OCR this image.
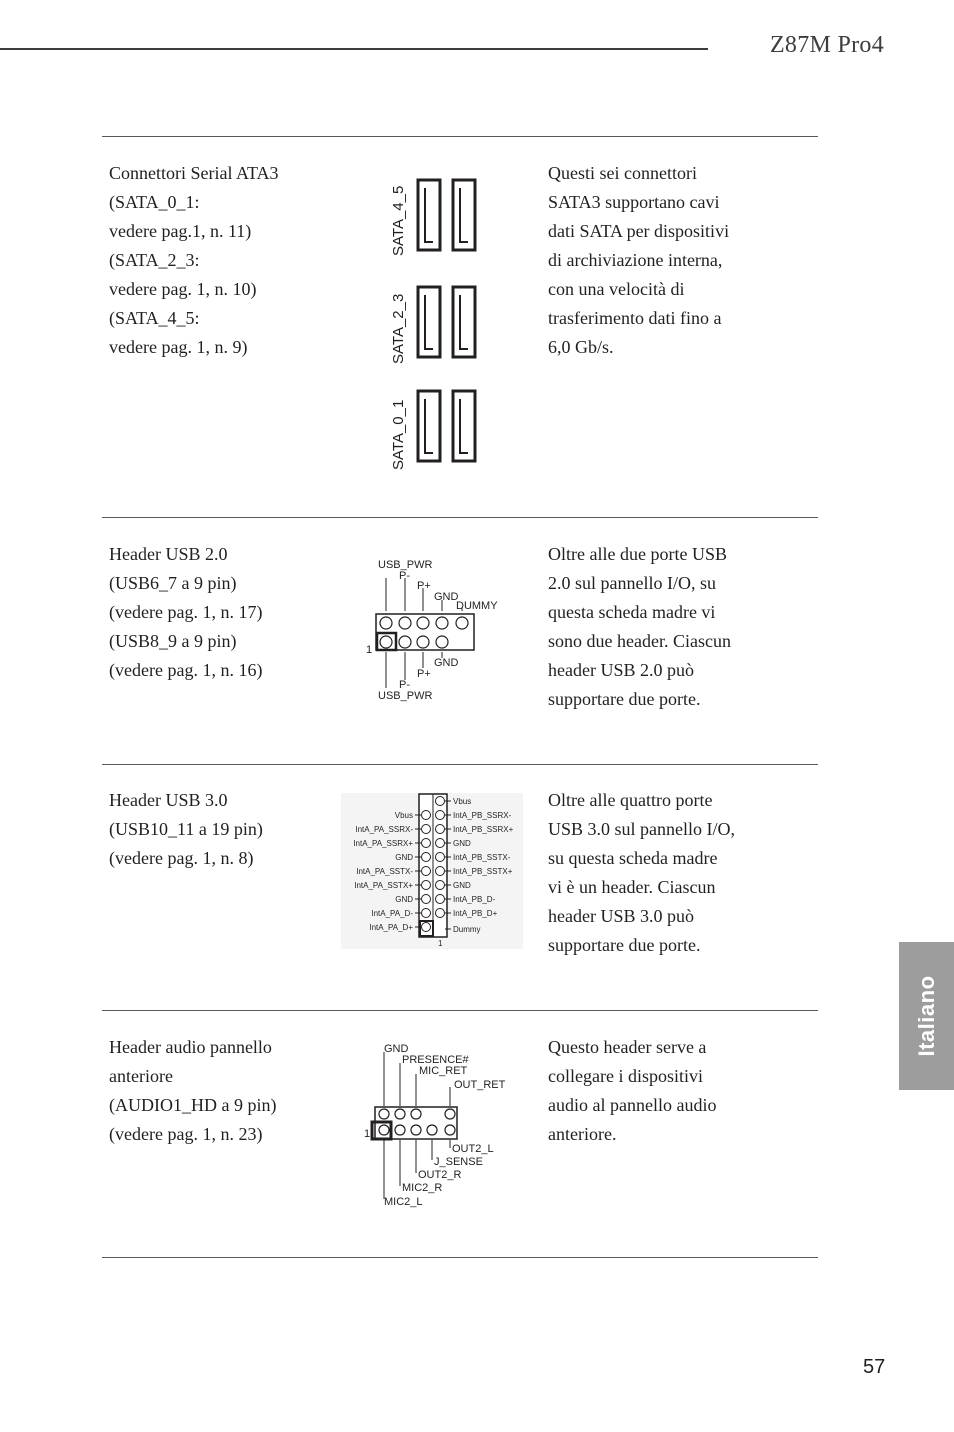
Z87M Pro4
Connettori Serial ATA3
(SATA_0_1:
vedere pag.1, n. 11)
(SATA_2_3:
vedere pag. 1, n. 10)
(SATA_4_5:
vedere pag. 1, n. 9)
Questi sei connettori
SATA3 supportano cavi
dati SATA per dispositivi
di archiviazione interna,
con una velocità di
trasferimento dati fino a
6,0 Gb/s.
SATA_4_5
SATA_2_3
SATA_0_1
Header USB 2.0
(USB6_7 a 9 pin)
(vedere pag. 1, n. 17)
(USB8_9 a 9 pin)
(vedere pag. 1, n. 16)
Oltre alle due porte USB
2.0 sul pannello I/O, su
questa scheda madre vi
sono due header. Ciascun
header USB 2.0 può
supportare due porte.
USB_PWR
P-
P+
GND
DUMMY
1
GND
P+
P-
USB_PWR
Header USB 3.0
(USB10_11 a 19 pin)
(vedere pag. 1, n. 8)
Oltre alle quattro porte
USB 3.0 sul pannello I/O,
su questa scheda madre
vi è un header. Ciascun
header USB 3.0 può
supportare due porte.
Vbus
IntA_PA_SSRX-
IntA_PA_SSRX+
GND
IntA_PA_SSTX-
IntA_PA_SSTX+
GND
IntA_PA_D-
IntA_PA_D+
Vbus
IntA_PB_SSRX-
IntA_PB_SSRX+
GND
IntA_PB_SSTX-
IntA_PB_SSTX+
GND
IntA_PB_D-
IntA_PB_D+
Dummy
1
Header audio pannello
anteriore
(AUDIO1_HD a 9 pin)
(vedere pag. 1, n. 23)
Questo header serve a
collegare i dispositivi
audio al pannello audio
anteriore.
GND
PRESENCE#
MIC_RET
OUT_RET
1
OUT2_L
J_SENSE
OUT2_R
MIC2_R
MIC2_L
Italiano
57
